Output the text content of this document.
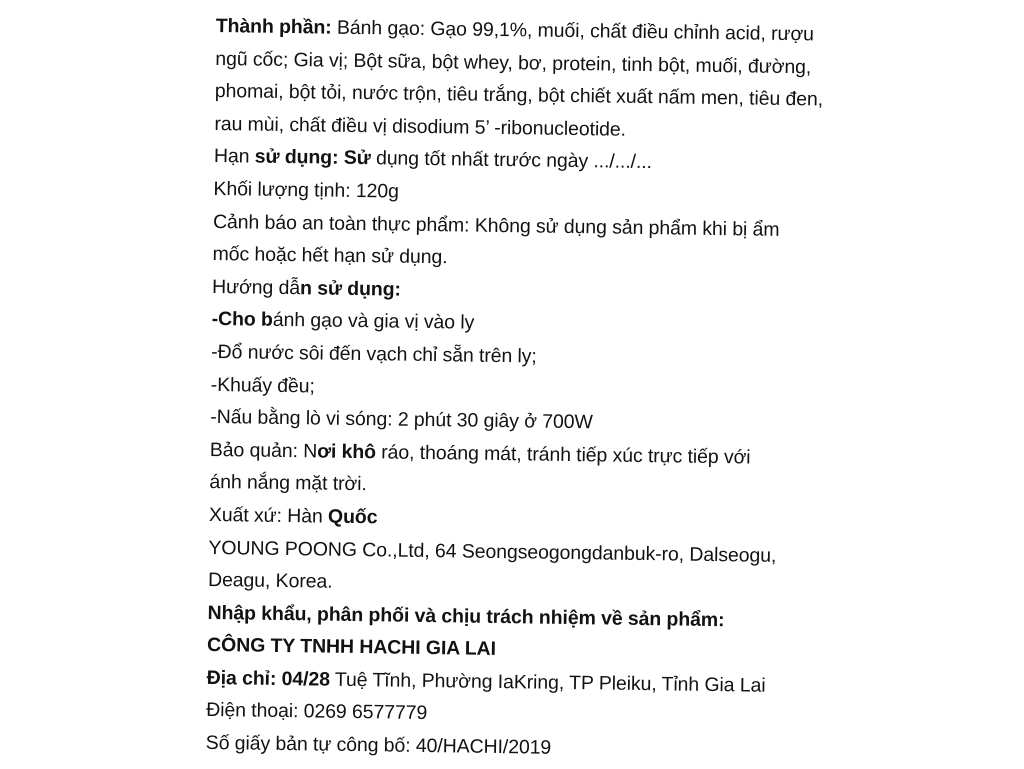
Thành phần: Bánh gạo: Gạo 99,1%, muối, chất điều chỉnh acid, rượu
ngũ cốc; Gia vị; Bột sữa, bột whey, bơ, protein, tinh bột, muối, đường,
phomai, bột tỏi, nước trộn, tiêu trắng, bột chiết xuất nấm men, tiêu đen,
rau mùi, chất điều vị disodium 5’ -ribonucleotide.
Hạn sử dụng: Sử dụng tốt nhất trước ngày .../.../...
Khối lượng tịnh: 120g
Cảnh báo an toàn thực phẩm: Không sử dụng sản phẩm khi bị ẩm
mốc hoặc hết hạn sử dụng.
Hướng dẫn sử dụng:
-Cho bánh gạo và gia vị vào ly
-Đổ nước sôi đến vạch chỉ sẵn trên ly;
-Khuấy đều;
-Nấu bằng lò vi sóng: 2 phút 30 giây ở 700W
Bảo quản: Nơi khô ráo, thoáng mát, tránh tiếp xúc trực tiếp với
ánh nắng mặt trời.
Xuất xứ: Hàn Quốc
YOUNG POONG Co.,Ltd, 64 Seongseogongdanbuk-ro, Dalseogu,
Deagu, Korea.
Nhập khẩu, phân phối và chịu trách nhiệm về sản phẩm:
CÔNG TY TNHH HACHI GIA LAI
Địa chỉ: 04/28 Tuệ Tĩnh, Phường IaKring, TP Pleiku, Tỉnh Gia Lai
Điện thoại: 0269 6577779
Số giấy bản tự công bố: 40/HACHI/2019
